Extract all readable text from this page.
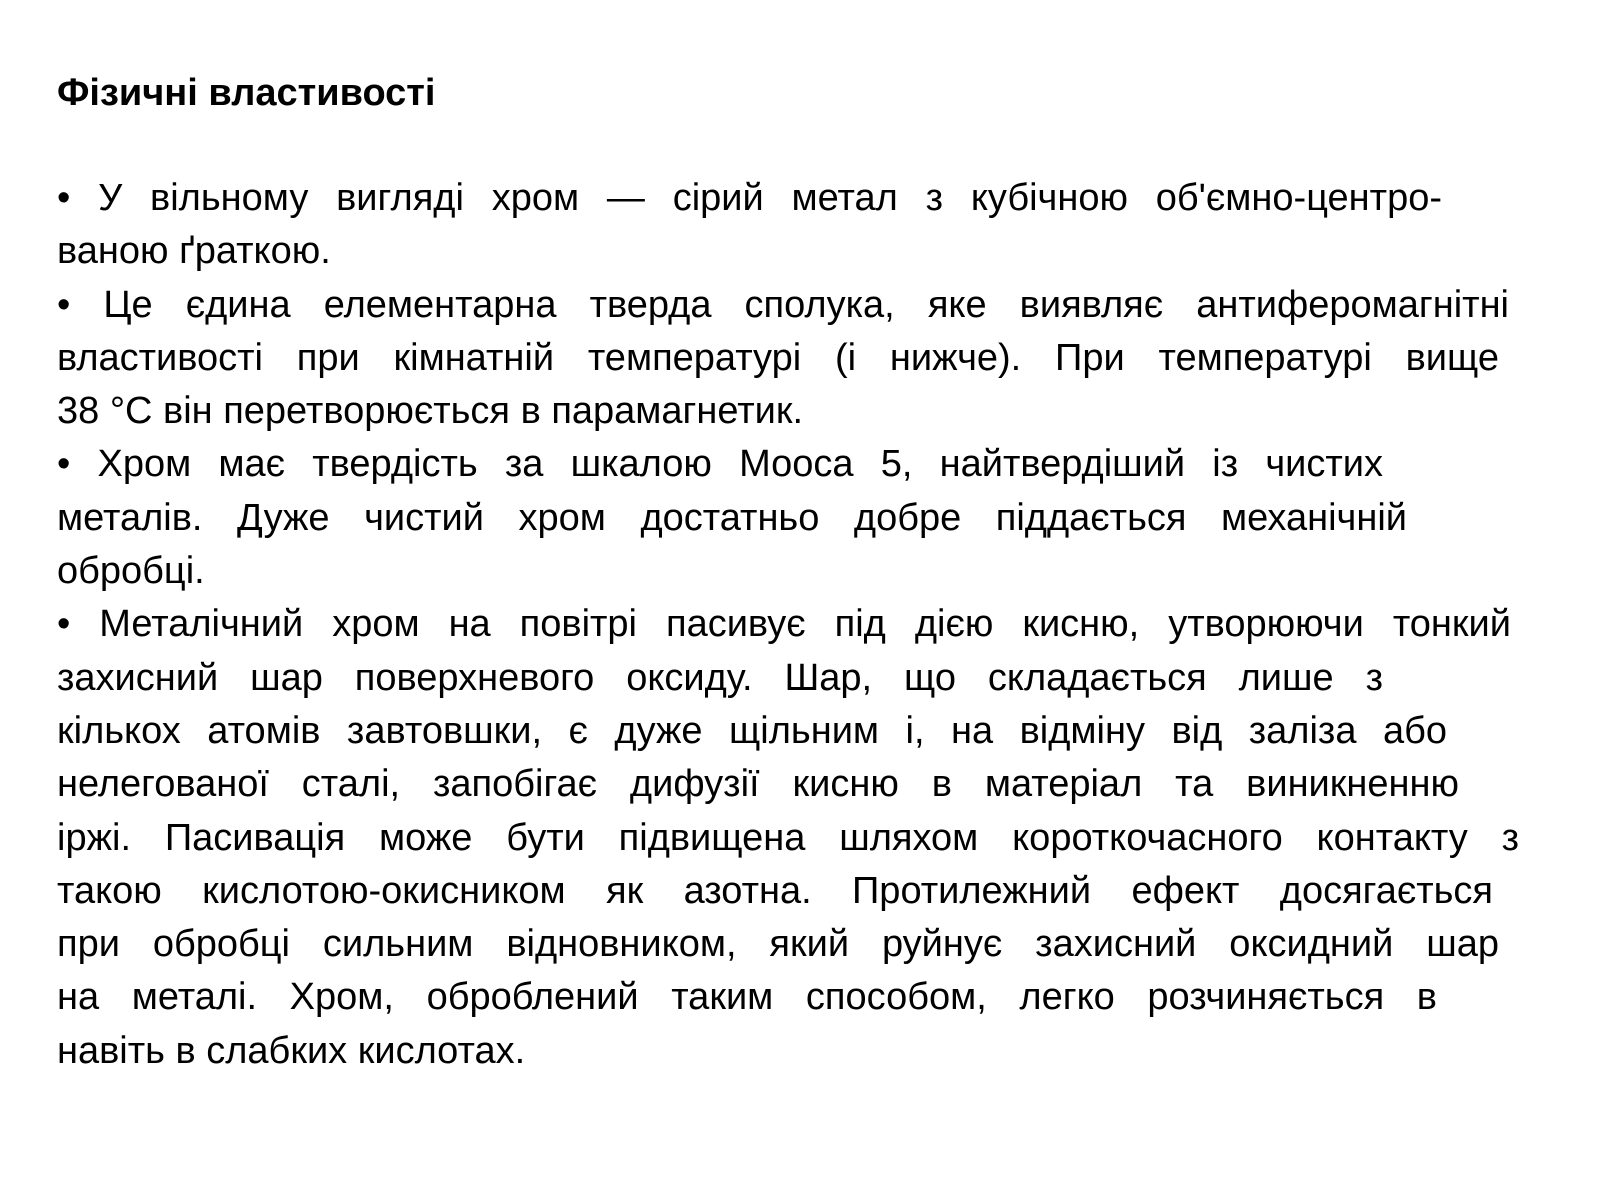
Фізичні властивості
• У вільному вигляді хром — сірий метал з кубічною об'ємно-центро-
ваною ґраткою.
• Це єдина елементарна тверда сполука, яке виявляє антиферомагнітні
властивості при кімнатній температурі (і нижче). При температурі вище
38 °C він перетворюється в парамагнетик.
• Хром має твердість за шкалою Мооса 5, найтвердіший із чистих
металів. Дуже чистий хром достатньо добре піддається механічній
обробці.
• Металічний хром на повітрі пасивує під дією кисню, утворюючи тонкий
захисний шар поверхневого оксиду. Шар, що складається лише з
кількох атомів завтовшки, є дуже щільним і, на відміну від заліза або
нелегованої сталі, запобігає дифузії кисню в матеріал та виникненню
іржі. Пасивація може бути підвищена шляхом короткочасного контакту з
такою кислотою-окисником як азотна. Протилежний ефект досягається
при обробці сильним відновником, який руйнує захисний оксидний шар
на металі. Хром, оброблений таким способом, легко розчиняється в
навіть в слабких кислотах.
